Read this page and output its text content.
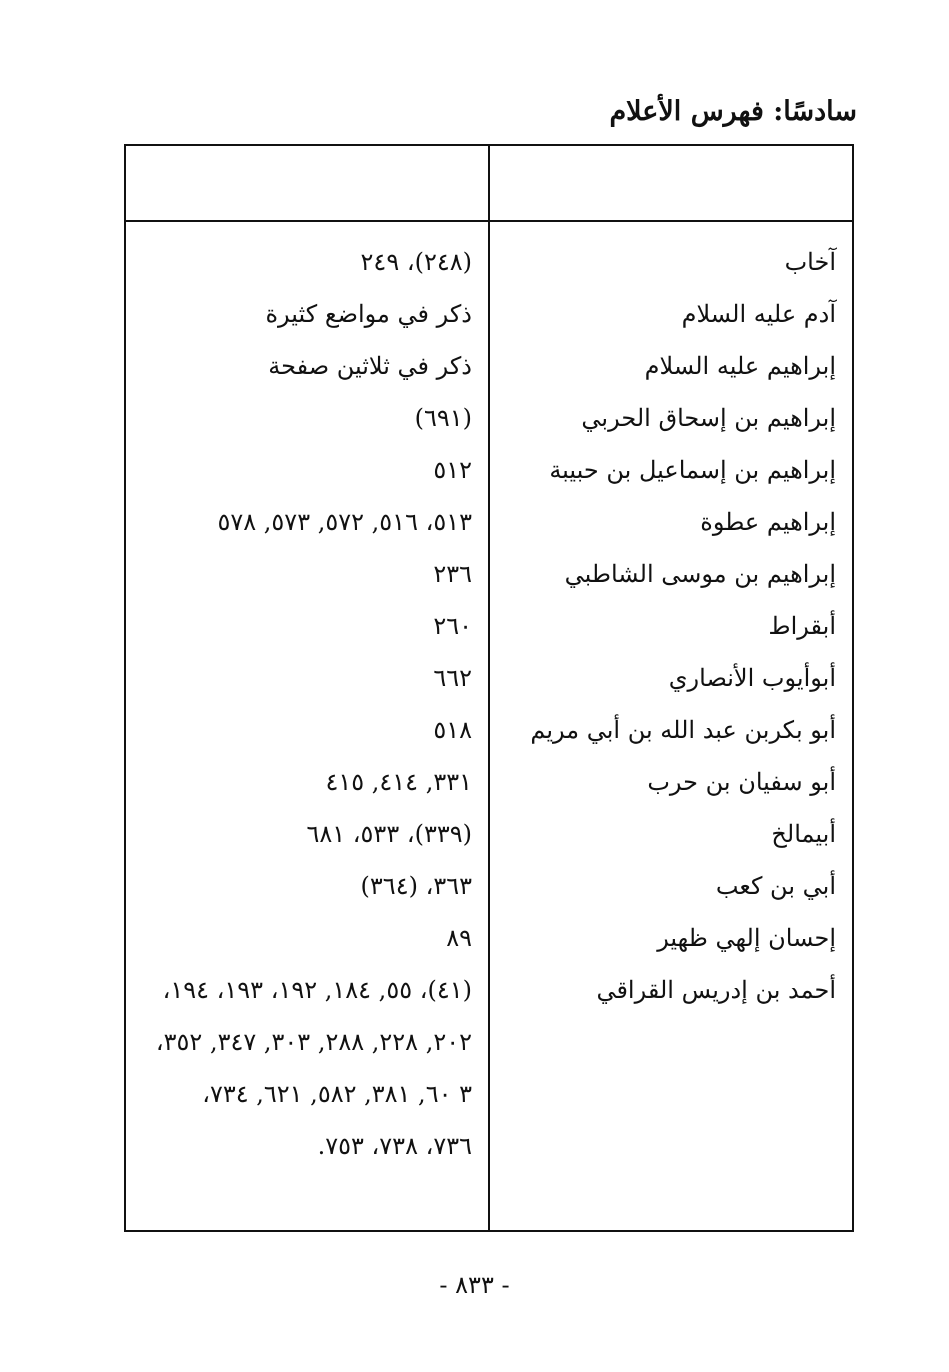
سادسًا: فهرس الأعلام
آخاب
(٢٤٨)، ٢٤٩
آدم عليه السلام
ذكر في مواضع كثيرة
إبراهيم عليه السلام
ذكر في ثلاثين صفحة
إبراهيم بن إسحاق الحربي
(٦٩١)
إبراهيم بن إسماعيل بن حبيبة
٥١٢
إبراهيم عطوة
٥١٣، ٥١٦, ٥٧٢, ٥٧٣, ٥٧٨
إبراهيم بن موسى الشاطبي
٢٣٦
أبقراط
٢٦٠
أبوأيوب الأنصاري
٦٦٢
أبو بكربن عبد الله بن أبي مريم
٥١٨
أبو سفيان بن حرب
٣٣١, ٤١٤, ٤١٥
أبيمالخ
(٣٣٩)، ٥٣٣، ٦٨١
أبي بن كعب
٣٦٣، (٣٦٤)
إحسان إلهي ظهير
٨٩
أحمد بن إدريس القراقي
(٤١)، ٥٥, ١٨٤, ١٩٢، ١٩٣، ١٩٤،
٢٠٢, ٢٢٨, ٢٨٨, ٣٠٣, ٣٤٧, ٣٥٢،
٣ ٦٠, ٣٨١, ٥٨٢, ٦٢١, ٧٣٤،
٧٣٦، ٧٣٨، ٧٥٣.
- ٨٣٣ -
